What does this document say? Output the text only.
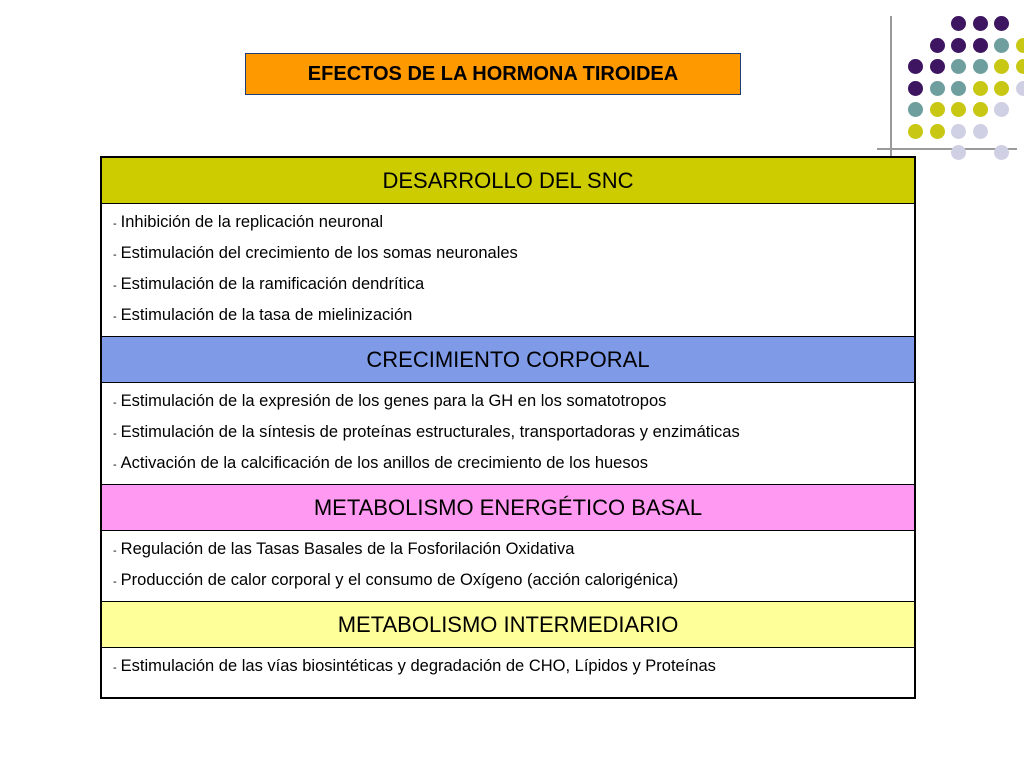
EFECTOS DE LA HORMONA TIROIDEA
DESARROLLO DEL SNC
- Inhibición de la replicación neuronal
- Estimulación del crecimiento de los somas neuronales
- Estimulación de la ramificación dendrítica
- Estimulación de la tasa de mielinización
CRECIMIENTO CORPORAL
- Estimulación de la expresión de los genes para la GH en los somatotropos
- Estimulación de la síntesis de proteínas estructurales, transportadoras y enzimáticas
- Activación de la calcificación de los anillos de crecimiento de los huesos
METABOLISMO ENERGÉTICO BASAL
- Regulación de las Tasas Basales de la Fosforilación Oxidativa
- Producción de calor corporal y el consumo de Oxígeno (acción calorigénica)
METABOLISMO INTERMEDIARIO
- Estimulación de las vías biosintéticas y degradación de CHO, Lípidos y Proteínas
